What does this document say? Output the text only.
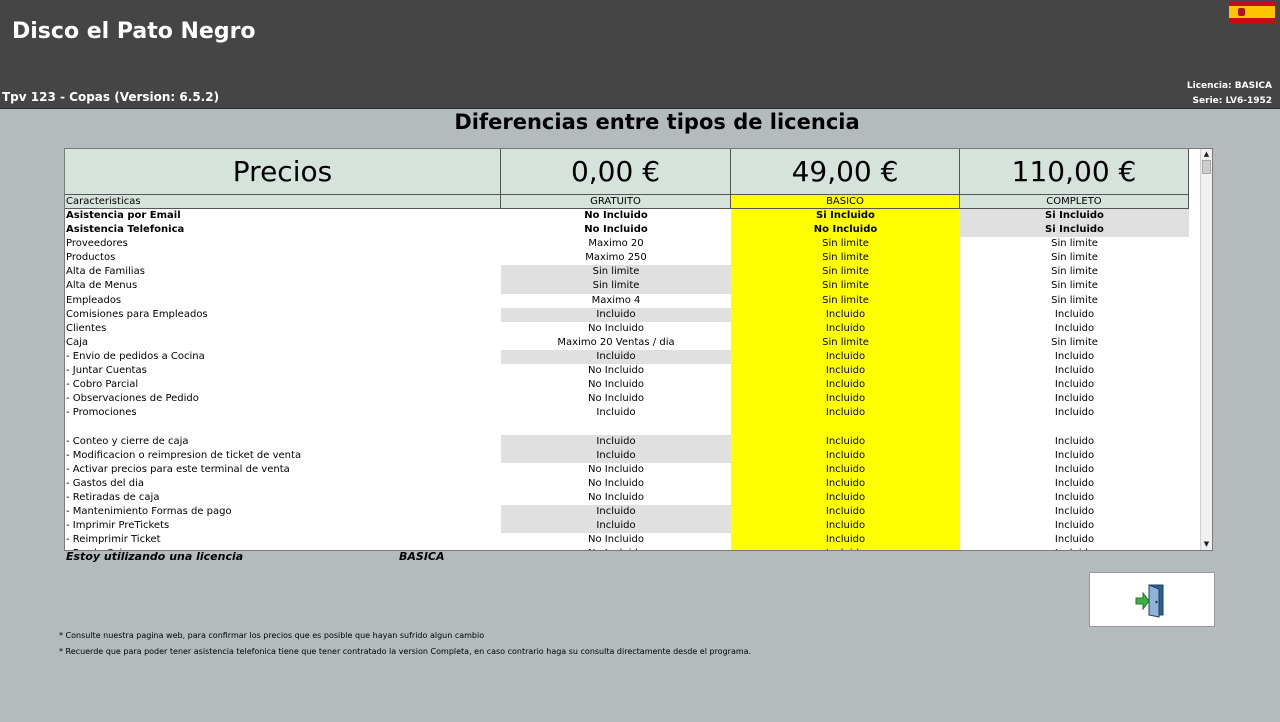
Disco el Pato Negro
Tpv 123 - Copas (Version: 6.5.2)
Licencia: BASICA
Serie: LV6-1952
Diferencias entre tipos de licencia
Precios	0,00 €	49,00 €	110,00 €
Caracteristicas	GRATUITO	BASICO	COMPLETO
Asistencia por Email	No Incluido	Si Incluido	Si Incluido
Asistencia Telefonica	No Incluido	No Incluido	Si Incluido
Proveedores	Maximo 20	Sin limite	Sin limite
Productos	Maximo 250	Sin limite	Sin limite
Alta de Familias	Sin limite	Sin limite	Sin limite
Alta de Menus	Sin limite	Sin limite	Sin limite
Empleados	Maximo 4	Sin limite	Sin limite
Comisiones para Empleados	Incluido	Incluido	Incluido
Clientes	No Incluido	Incluido	Incluido
Caja	Maximo 20 Ventas / dia	Sin limite	Sin limite
- Envio de pedidos a Cocina	Incluido	Incluido	Incluido
- Juntar Cuentas	No Incluido	Incluido	Incluido
- Cobro Parcial	No Incluido	Incluido	Incluido
- Observaciones de Pedido	No Incluido	Incluido	Incluido
- Promociones	Incluido	Incluido	Incluido
- Conteo y cierre de caja	Incluido	Incluido	Incluido
- Modificacion o reimpresion de ticket de venta	Incluido	Incluido	Incluido
- Activar precios para este terminal de venta	No Incluido	Incluido	Incluido
- Gastos del dia	No Incluido	Incluido	Incluido
- Retiradas de caja	No Incluido	Incluido	Incluido
- Mantenimiento Formas de pago	Incluido	Incluido	Incluido
- Imprimir PreTickets	Incluido	Incluido	Incluido
- Reimprimir Ticket	No Incluido	Incluido	Incluido
▲
▼
Estoy utilizando una licencia	BASICA
* Consulte nuestra pagina web, para confirmar los precios que es posible que hayan sufrido algun cambio
* Recuerde que para poder tener asistencia telefonica tiene que tener contratado la version Completa, en caso contrario haga su consulta directamente desde el programa.
